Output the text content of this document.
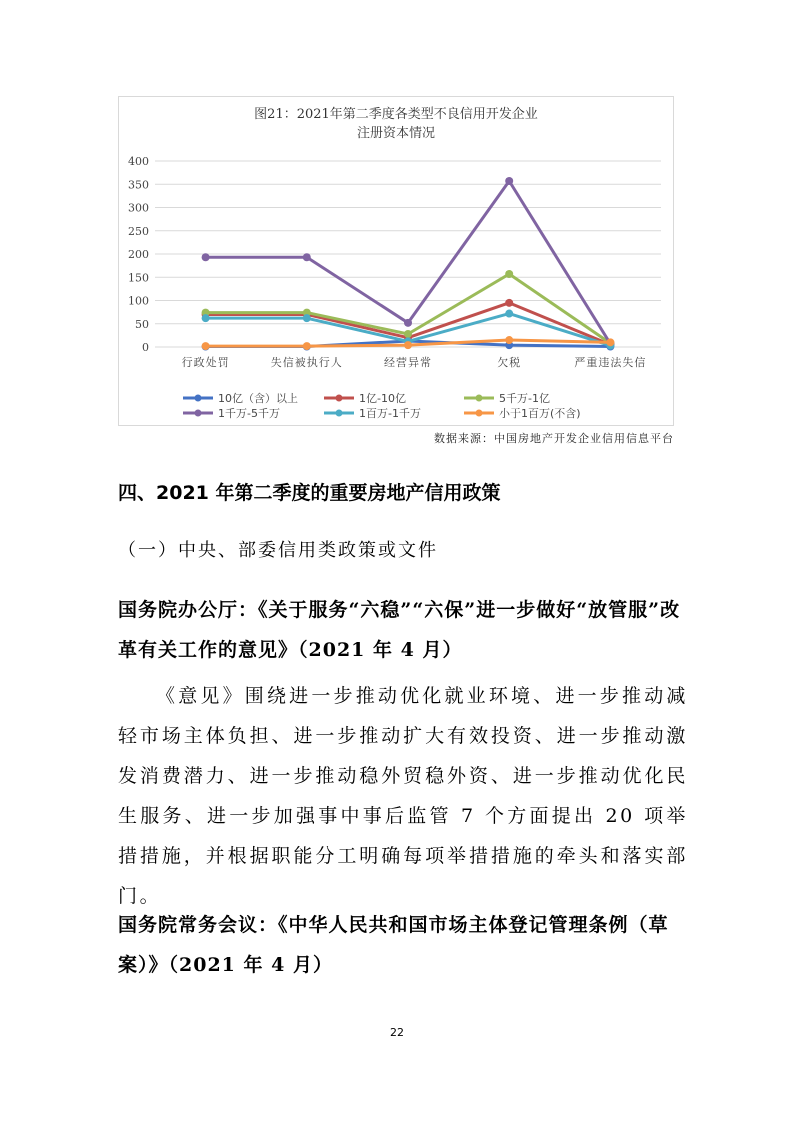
图21：2021年第二季度各类型不良信用开发企业
注册资本情况
0
50
100
150
200
250
300
350
400
行政处罚	失信被执行人	经营异常	欠税	严重违法失信
10亿（含）以上	1亿-10亿	5千万-1亿
1千万-5千万	1百万-1千万	小于1百万(不含)
数据来源：中国房地产开发企业信用信息平台
四、2021 年第二季度的重要房地产信用政策
（一）中央、部委信用类政策或文件
国务院办公厅：《关于服务“六稳”“六保”进一步做好“放管服”改革有关工作的意见》（2021 年 4 月）
《意见》围绕进一步推动优化就业环境、进一步推动减轻市场主体负担、进一步推动扩大有效投资、进一步推动激发消费潜力、进一步推动稳外贸稳外资、进一步推动优化民生服务、进一步加强事中事后监管 7 个方面提出 20 项举措措施，并根据职能分工明确每项举措措施的牵头和落实部门。
国务院常务会议：《中华人民共和国市场主体登记管理条例（草案）》（2021 年 4 月）
22
